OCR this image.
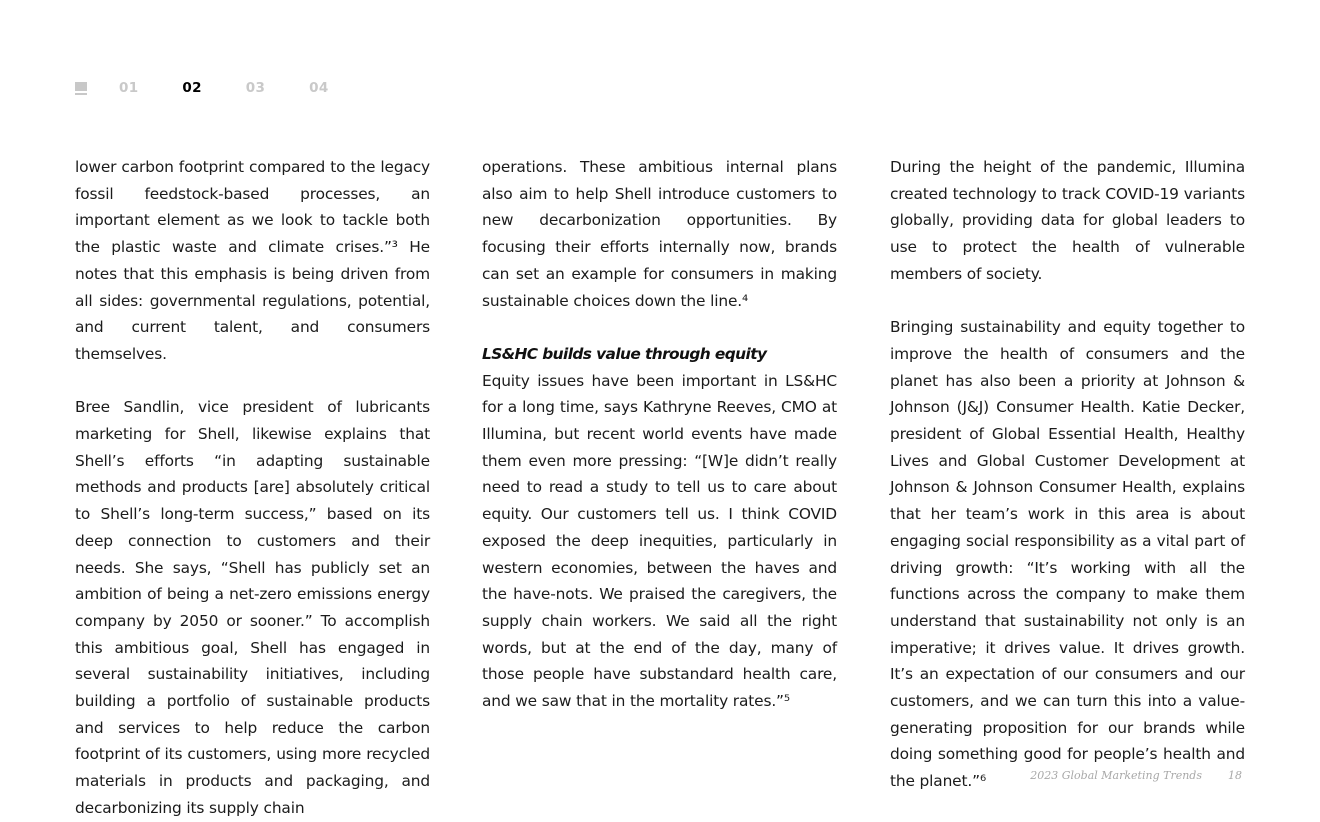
01	02	03	04

lower carbon footprint compared to the legacy fossil feedstock-based processes, an important element as we look to tackle both the plastic waste and climate crises.”³ He notes that this emphasis is being driven from all sides: governmental regulations, potential, and current talent, and consumers themselves.

Bree Sandlin, vice president of lubricants marketing for Shell, likewise explains that Shell’s efforts “in adapting sustainable methods and products [are] absolutely critical to Shell’s long-term success,” based on its deep connection to customers and their needs. She says, “Shell has publicly set an ambition of being a net-zero emissions energy company by 2050 or sooner.” To accomplish this ambitious goal, Shell has engaged in several sustainability initiatives, including building a portfolio of sustainable products and services to help reduce the carbon footprint of its customers, using more recycled materials in products and packaging, and decarbonizing its supply chain

operations. These ambitious internal plans also aim to help Shell introduce customers to new decarbonization opportunities. By focusing their efforts internally now, brands can set an example for consumers in making sustainable choices down the line.⁴

LS&HC builds value through equity

Equity issues have been important in LS&HC for a long time, says Kathryne Reeves, CMO at Illumina, but recent world events have made them even more pressing: “[W]e didn’t really need to read a study to tell us to care about equity. Our customers tell us. I think COVID exposed the deep inequities, particularly in western economies, between the haves and the have-nots. We praised the caregivers, the supply chain workers. We said all the right words, but at the end of the day, many of those people have substandard health care, and we saw that in the mortality rates.”⁵

During the height of the pandemic, Illumina created technology to track COVID-19 variants globally, providing data for global leaders to use to protect the health of vulnerable members of society.

Bringing sustainability and equity together to improve the health of consumers and the planet has also been a priority at Johnson & Johnson (J&J) Consumer Health. Katie Decker, president of Global Essential Health, Healthy Lives and Global Customer Development at Johnson & Johnson Consumer Health, explains that her team’s work in this area is about engaging social responsibility as a vital part of driving growth: “It’s working with all the functions across the company to make them understand that sustainability not only is an imperative; it drives value. It drives growth. It’s an expectation of our consumers and our customers, and we can turn this into a value-generating proposition for our brands while doing something good for people’s health and the planet.”⁶	2023 Global Marketing Trends 18
